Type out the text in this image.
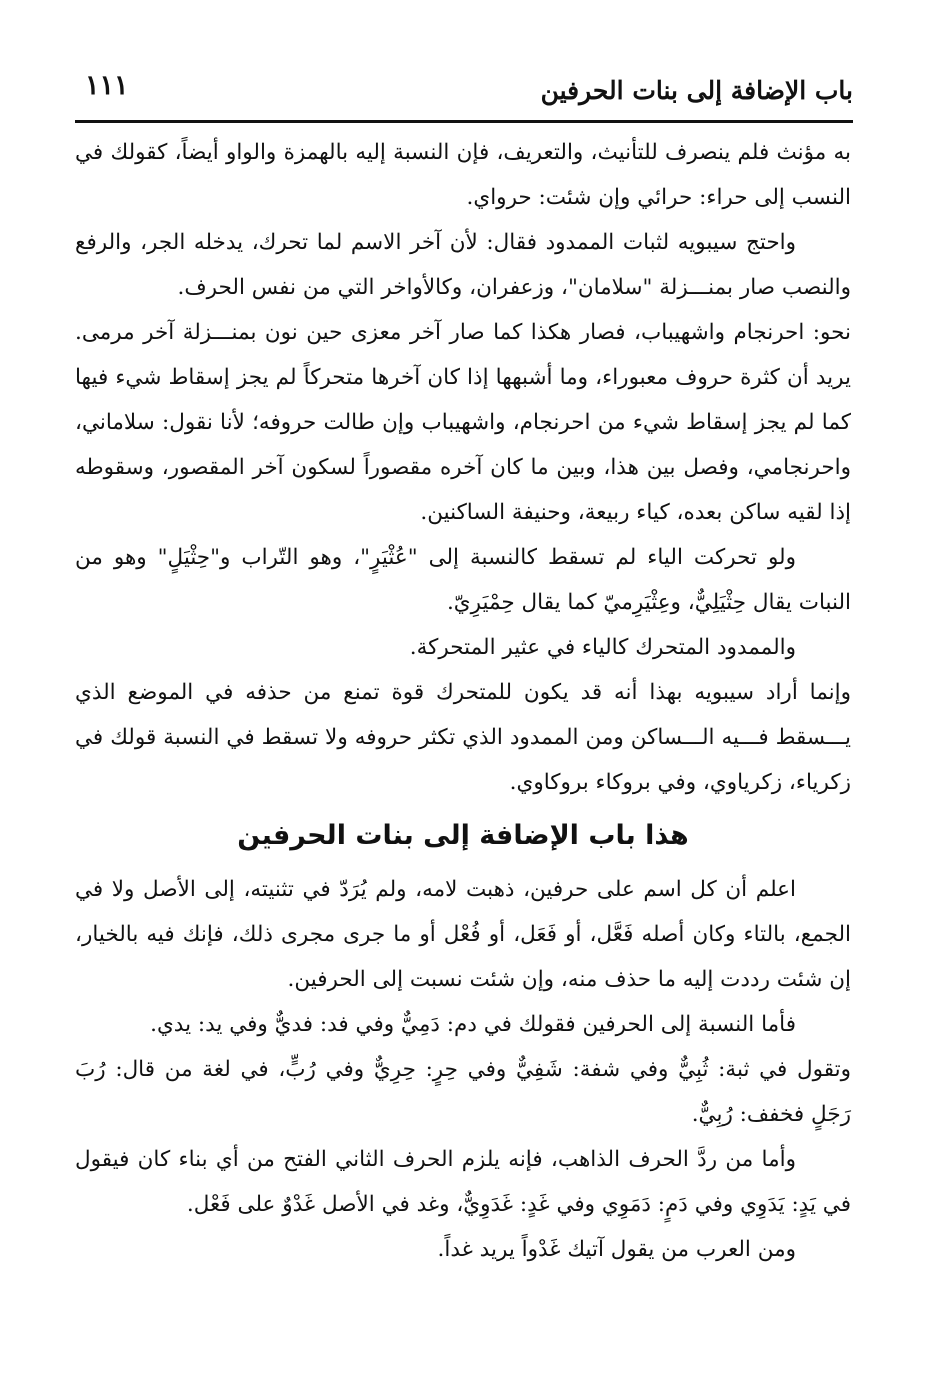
باب الإضافة إلى بنات الحرفين
١١١

به مؤنث فلم ينصرف للتأنيث، والتعريف، فإن النسبة إليه بالهمزة والواو أيضاً، كقولك في النسب إلى حراء: حرائي وإن شئت: حرواي.

واحتج سيبويه لثبات الممدود فقال: لأن آخر الاسم لما تحرك، يدخله الجر، والرفع والنصب صار بمنـــزلة "سلامان"، وزعفران، وكالأواخر التي من نفس الحرف.

نحو: احرنجام واشهيباب، فصار هكذا كما صار آخر معزى حين نون بمنـــزلة آخر مرمى. يريد أن كثرة حروف معبوراء، وما أشبهها إذا كان آخرها متحركاً لم يجز إسقاط شيء فيها كما لم يجز إسقاط شيء من احرنجام، واشهيباب وإن طالت حروفه؛ لأنا نقول: سلاماني، واحرنجامي، وفصل بين هذا، وبين ما كان آخره مقصوراً لسكون آخر المقصور، وسقوطه إذا لقيه ساكن بعده، كياء ربيعة، وحنيفة الساكنين.

ولو تحركت الياء لم تسقط كالنسبة إلى "عُثْيَرٍ"، وهو التّراب و"حِثْيَلٍ" وهو من النبات يقال حِثْيَلِيٌّ، وعِثْيَرِميّ كما يقال حِمْيَرِيّ.

والممدود المتحرك كالياء في عثير المتحركة.

وإنما أراد سيبويه بهذا أنه قد يكون للمتحرك قوة تمنع من حذفه في الموضع الذي يـــسقط فـــيه الـــساكن ومن الممدود الذي تكثر حروفه ولا تسقط في النسبة قولك في زكرياء، زكرياوي، وفي بروكاء بروكاوي.

هذا باب الإضافة إلى بنات الحرفين

اعلم أن كل اسم على حرفين، ذهبت لامه، ولم يُرَدّ في تثنيته، إلى الأصل ولا في الجمع، بالتاء وكان أصله فَعَّل، أو فَعَل، أو فُعْل أو ما جرى مجرى ذلك، فإنك فيه بالخيار، إن شئت رددت إليه ما حذف منه، وإن شئت نسبت إلى الحرفين.

فأما النسبة إلى الحرفين فقولك في دم: دَمِيٌّ وفي فد: فديٌّ وفي يد: يدي.

وتقول في ثبة: ثُبِيٌّ وفي شفة: شَفِيٌّ وفي حِرٍ: حِرِيٌّ وفي رُبٍّ، في لغة من قال: رُبَ رَجَلٍ فخفف: رُبِيٌّ.

وأما من ردَّ الحرف الذاهب، فإنه يلزم الحرف الثاني الفتح من أي بناء كان فيقول في يَدٍ: يَدَوِي وفي دَمٍ: دَمَوِي وفي غَدٍ: غَدَوِيٌّ، وغد في الأصل غَدْوٌ على فَعْل.

ومن العرب من يقول آتيك غَدْواً يريد غداً.
